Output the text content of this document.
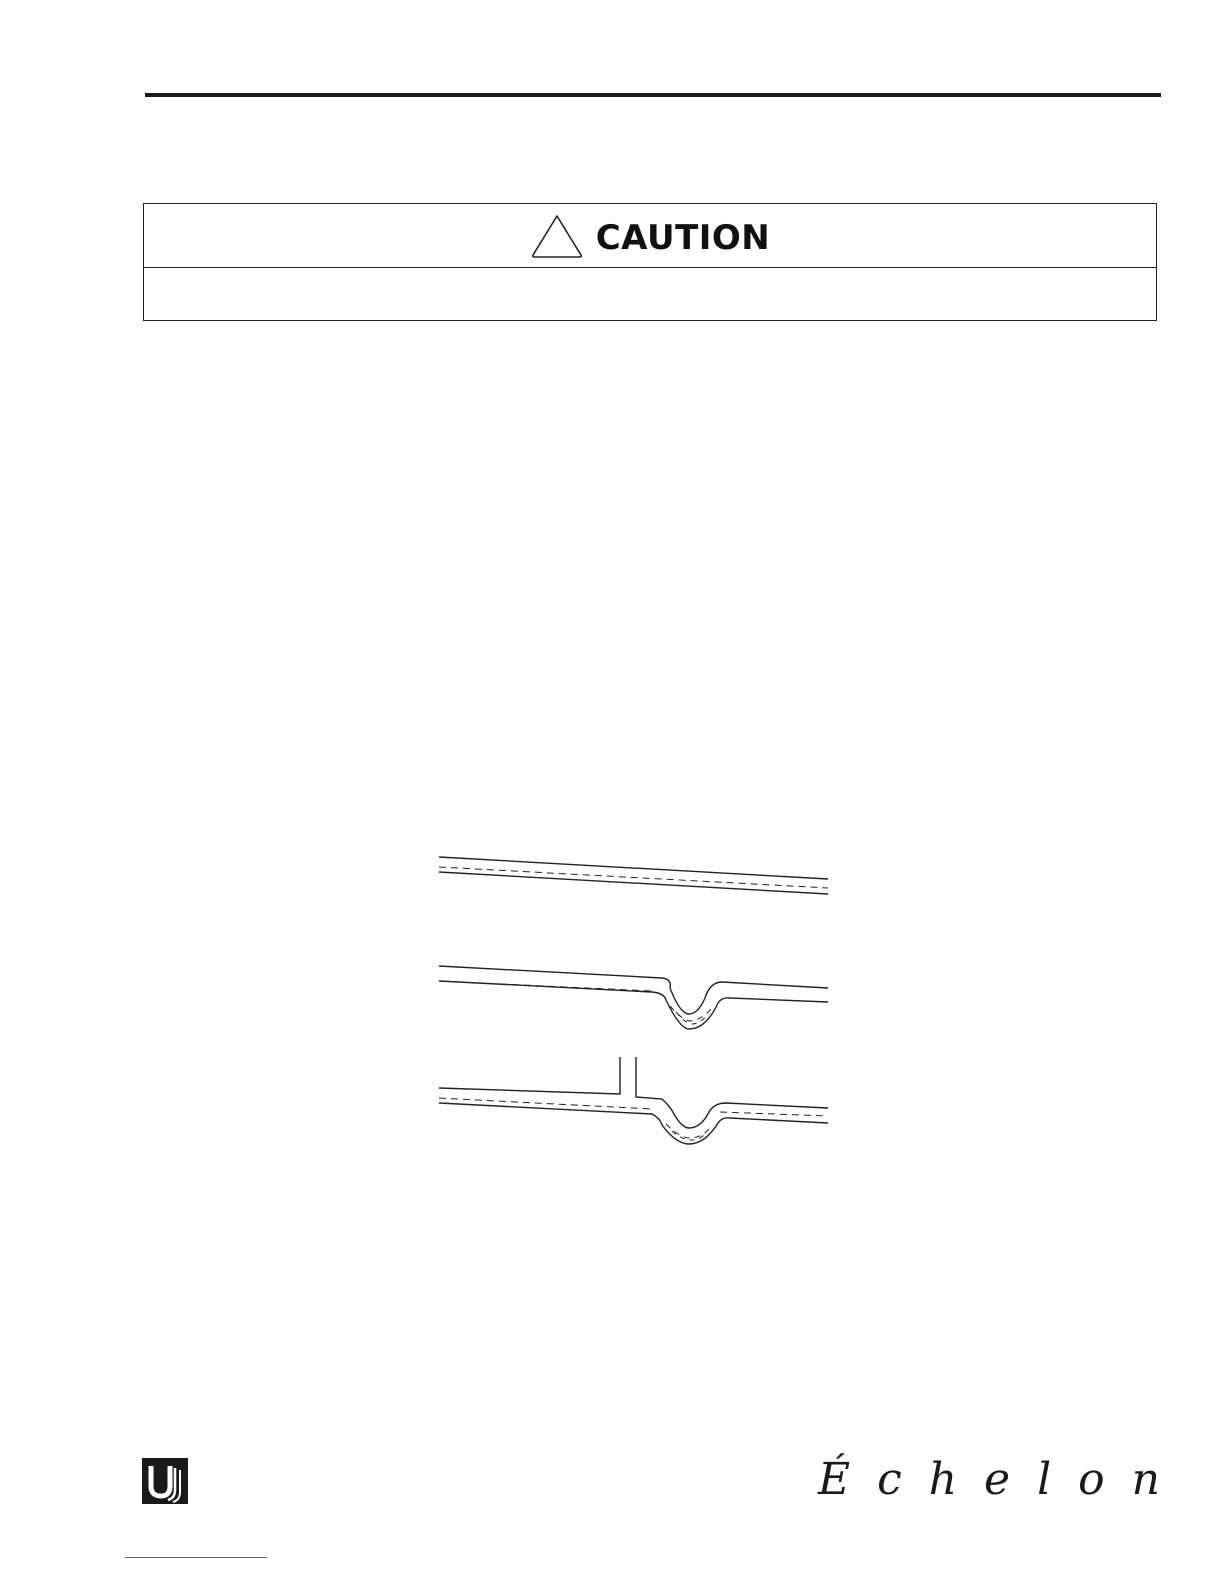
CAUTION
Échelon
